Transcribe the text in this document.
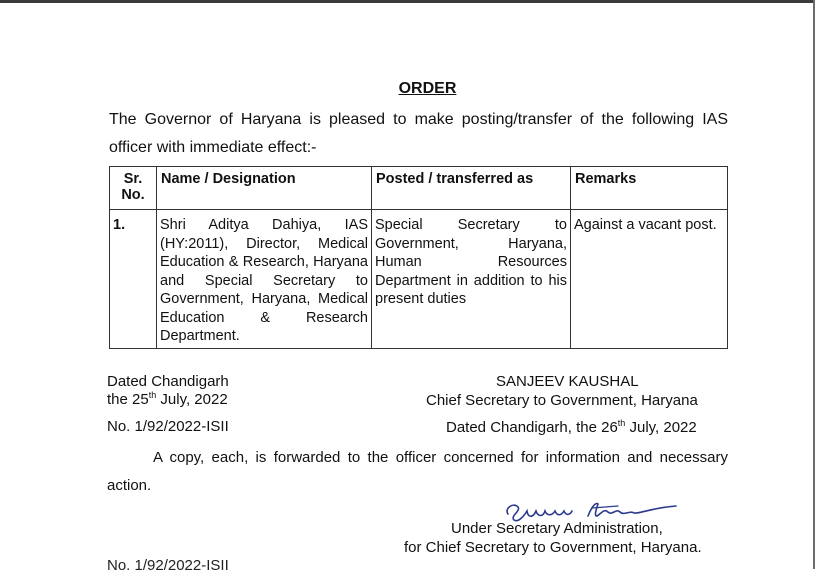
ORDER
The Governor of Haryana is pleased to make posting/transfer of the following IAS officer with immediate effect:-
Sr. No.	Name / Designation	Posted / transferred as	Remarks
1.	Shri Aditya Dahiya, IAS (HY:2011), Director, Medical Education & Research, Haryana and Special Secretary to Government, Haryana, Medical Education & Research Department.	Special Secretary to Government, Haryana, Human Resources Department in addition to his present duties	Against a vacant post.
Dated Chandigarh
the 25th July, 2022
SANJEEV KAUSHAL
Chief Secretary to Government, Haryana
No. 1/92/2022-ISII	Dated Chandigarh, the 26th July, 2022
A copy, each, is forwarded to the officer concerned for information and necessary action.
Under Secretary Administration,
for Chief Secretary to Government, Haryana.
No. 1/92/2022-ISII
